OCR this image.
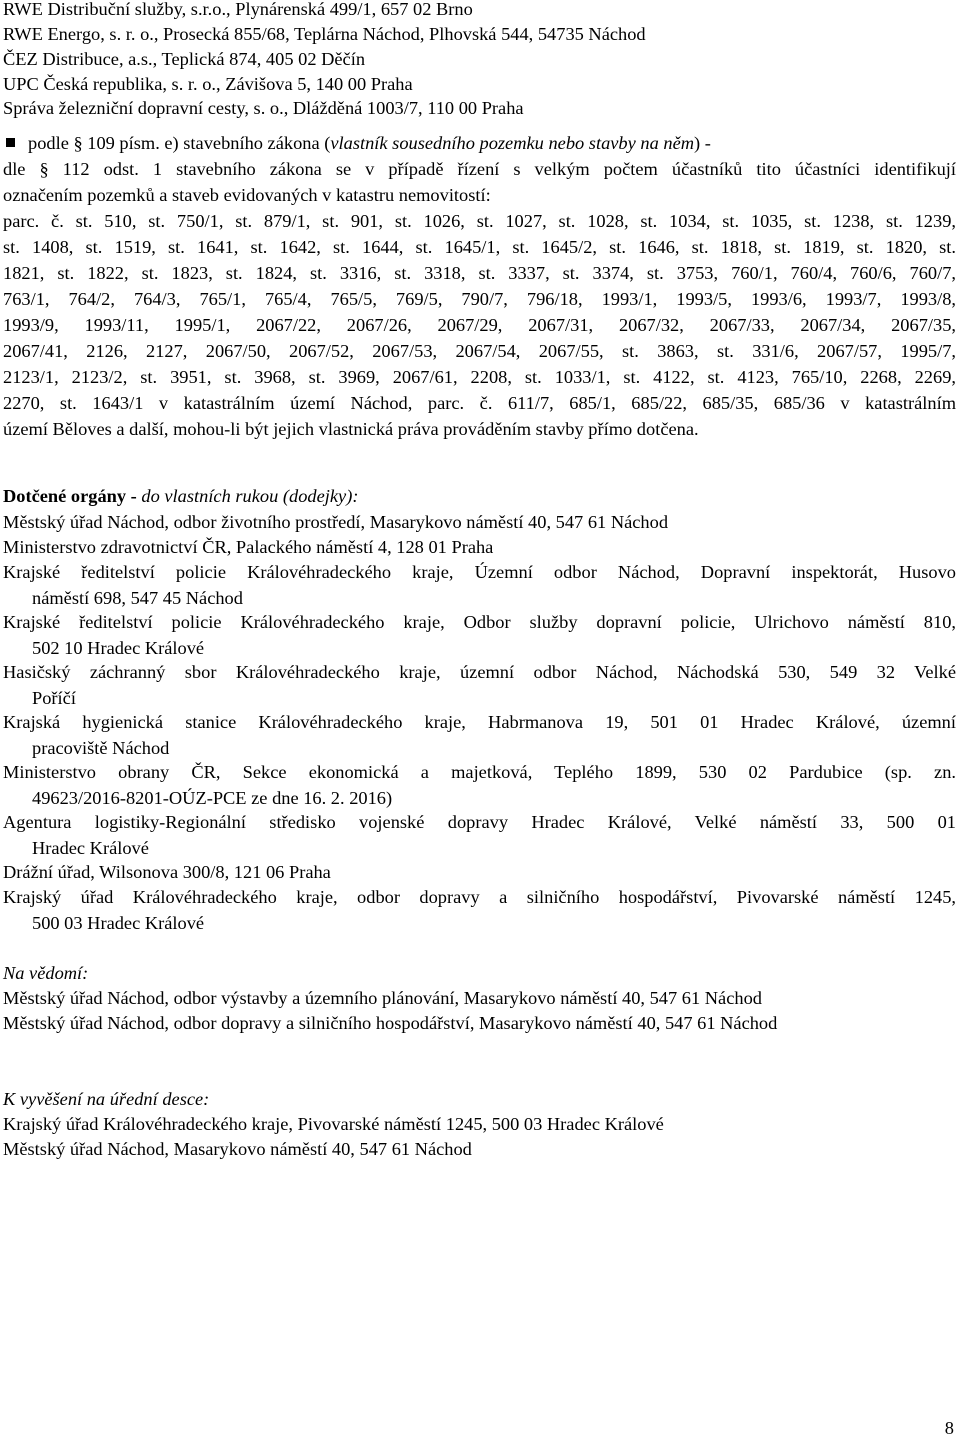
RWE Distribuční služby, s.r.o., Plynárenská 499/1, 657 02 Brno
RWE Energo, s. r. o., Prosecká 855/68, Teplárna Náchod, Plhovská 544, 54735 Náchod
ČEZ Distribuce, a.s., Teplická 874, 405 02 Děčín
UPC Česká republika, s. r. o., Závišova 5, 140 00 Praha
Správa železniční dopravní cesty, s. o., Dlážděná 1003/7, 110 00 Praha
podle § 109 písm. e) stavebního zákona (vlastník sousedního pozemku nebo stavby na něm) -
dle § 112 odst. 1 stavebního zákona se v případě řízení s velkým počtem účastníků tito účastníci identifikují
označením pozemků a staveb evidovaných v katastru nemovitostí:
parc. č. st. 510, st. 750/1, st. 879/1, st. 901, st. 1026, st. 1027, st. 1028, st. 1034, st. 1035, st. 1238, st. 1239,
st. 1408, st. 1519, st. 1641, st. 1642, st. 1644, st. 1645/1, st. 1645/2, st. 1646, st. 1818, st. 1819, st. 1820, st.
1821, st. 1822, st. 1823, st. 1824, st. 3316, st. 3318, st. 3337, st. 3374, st. 3753, 760/1, 760/4, 760/6, 760/7,
763/1, 764/2, 764/3, 765/1, 765/4, 765/5, 769/5, 790/7, 796/18, 1993/1, 1993/5, 1993/6, 1993/7, 1993/8,
1993/9, 1993/11, 1995/1, 2067/22, 2067/26, 2067/29, 2067/31, 2067/32, 2067/33, 2067/34, 2067/35,
2067/41, 2126, 2127, 2067/50, 2067/52, 2067/53, 2067/54, 2067/55, st. 3863, st. 331/6, 2067/57, 1995/7,
2123/1, 2123/2, st. 3951, st. 3968, st. 3969, 2067/61, 2208, st. 1033/1, st. 4122, st. 4123, 765/10, 2268, 2269,
2270, st. 1643/1 v katastrálním území Náchod, parc. č. 611/7, 685/1, 685/22, 685/35, 685/36 v katastrálním
území Běloves a další, mohou-li být jejich vlastnická práva prováděním stavby přímo dotčena.
Dotčené orgány - do vlastních rukou (dodejky):
Městský úřad Náchod, odbor životního prostředí, Masarykovo náměstí 40, 547 61 Náchod
Ministerstvo zdravotnictví ČR, Palackého náměstí 4, 128 01 Praha
Krajské ředitelství policie Královéhradeckého kraje, Územní odbor Náchod, Dopravní inspektorát, Husovo
náměstí 698, 547 45 Náchod
Krajské ředitelství policie Královéhradeckého kraje, Odbor služby dopravní policie, Ulrichovo náměstí 810,
502 10 Hradec Králové
Hasičský záchranný sbor Královéhradeckého kraje, územní odbor Náchod, Náchodská 530, 549 32 Velké
Poříčí
Krajská hygienická stanice Královéhradeckého kraje, Habrmanova 19, 501 01 Hradec Králové, územní
pracoviště Náchod
Ministerstvo obrany ČR, Sekce ekonomická a majetková, Teplého 1899, 530 02 Pardubice (sp. zn.
49623/2016-8201-OÚZ-PCE ze dne 16. 2. 2016)
Agentura logistiky-Regionální středisko vojenské dopravy Hradec Králové, Velké náměstí 33, 500 01
Hradec Králové
Drážní úřad, Wilsonova 300/8, 121 06 Praha
Krajský úřad Královéhradeckého kraje, odbor dopravy a silničního hospodářství, Pivovarské náměstí 1245,
500 03 Hradec Králové
Na vědomí:
Městský úřad Náchod, odbor výstavby a územního plánování, Masarykovo náměstí 40, 547 61 Náchod
Městský úřad Náchod, odbor dopravy a silničního hospodářství, Masarykovo náměstí 40, 547 61 Náchod
K vyvěšení na úřední desce:
Krajský úřad Královéhradeckého kraje, Pivovarské náměstí 1245, 500 03 Hradec Králové
Městský úřad Náchod, Masarykovo náměstí 40, 547 61 Náchod
8
